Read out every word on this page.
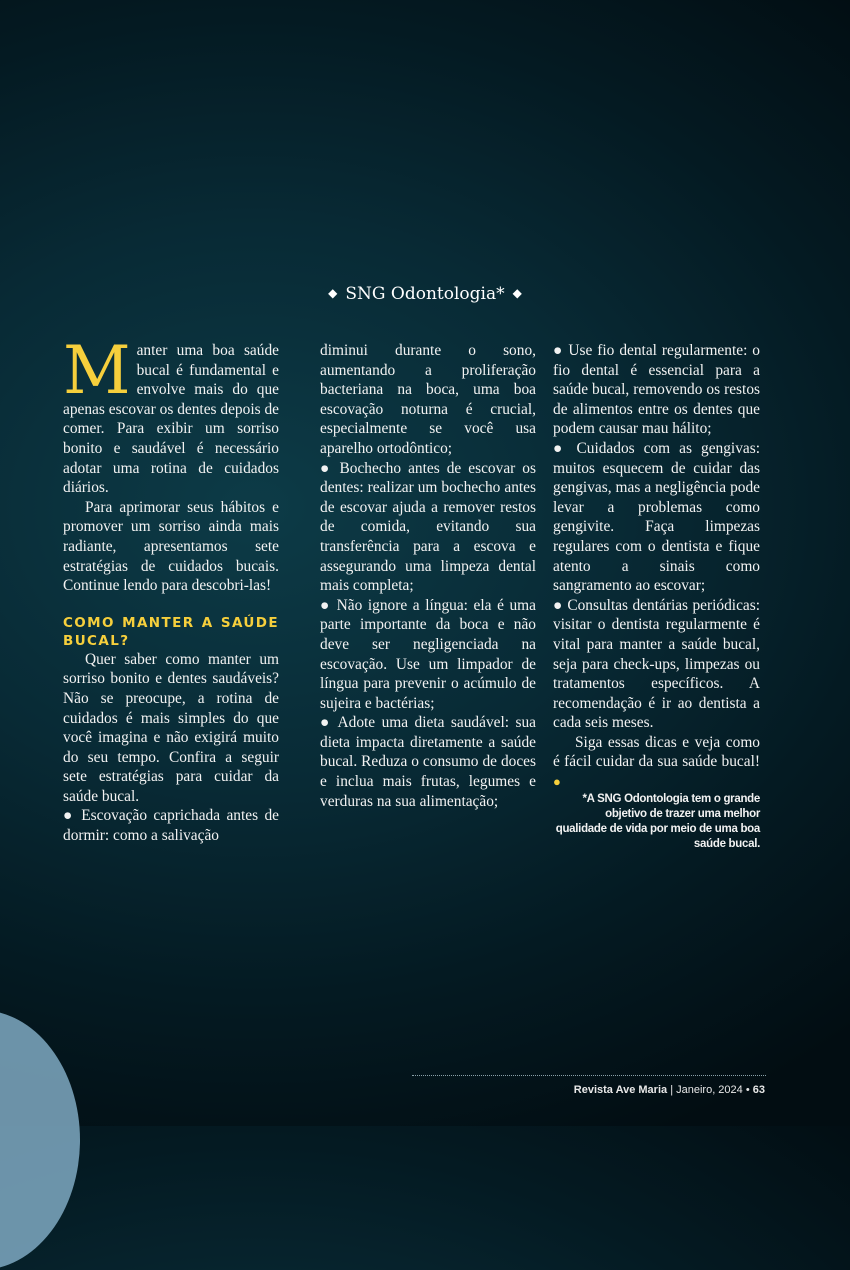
◆ SNG Odontologia* ◆

Manter uma boa saúde bucal é fundamental e envolve mais do que apenas escovar os dentes depois de comer. Para exibir um sorriso bonito e saudável é necessário adotar uma rotina de cuidados diários.

Para aprimorar seus hábitos e promover um sorriso ainda mais radiante, apresentamos sete estratégias de cuidados bucais. Continue lendo para descobri-las!

COMO MANTER A SAÚDE BUCAL?

Quer saber como manter um sorriso bonito e dentes saudáveis? Não se preocupe, a rotina de cuidados é mais simples do que você imagina e não exigirá muito do seu tempo. Confira a seguir sete estratégias para cuidar da saúde bucal.

● Escovação caprichada antes de dormir: como a salivação

diminui durante o sono, aumentando a proliferação bacteriana na boca, uma boa escovação noturna é crucial, especialmente se você usa aparelho ortodôntico;

● Bochecho antes de escovar os dentes: realizar um bochecho antes de escovar ajuda a remover restos de comida, evitando sua transferência para a escova e assegurando uma limpeza dental mais completa;

● Não ignore a língua: ela é uma parte importante da boca e não deve ser negligenciada na escovação. Use um limpador de língua para prevenir o acúmulo de sujeira e bactérias;

● Adote uma dieta saudável: sua dieta impacta diretamente a saúde bucal. Reduza o consumo de doces e inclua mais frutas, legumes e verduras na sua alimentação;

● Use fio dental regularmente: o fio dental é essencial para a saúde bucal, removendo os restos de alimentos entre os dentes que podem causar mau hálito;

● Cuidados com as gengivas: muitos esquecem de cuidar das gengivas, mas a negligência pode levar a problemas como gengivite. Faça limpezas regulares com o dentista e fique atento a sinais como sangramento ao escovar;

● Consultas dentárias periódicas: visitar o dentista regularmente é vital para manter a saúde bucal, seja para check-ups, limpezas ou tratamentos específicos. A recomendação é ir ao dentista a cada seis meses.

Siga essas dicas e veja como é fácil cuidar da sua saúde bucal!●

*A SNG Odontologia tem o grande objetivo de trazer uma melhor qualidade de vida por meio de uma boa saúde bucal.

Revista Ave Maria | Janeiro, 2024 • 63
